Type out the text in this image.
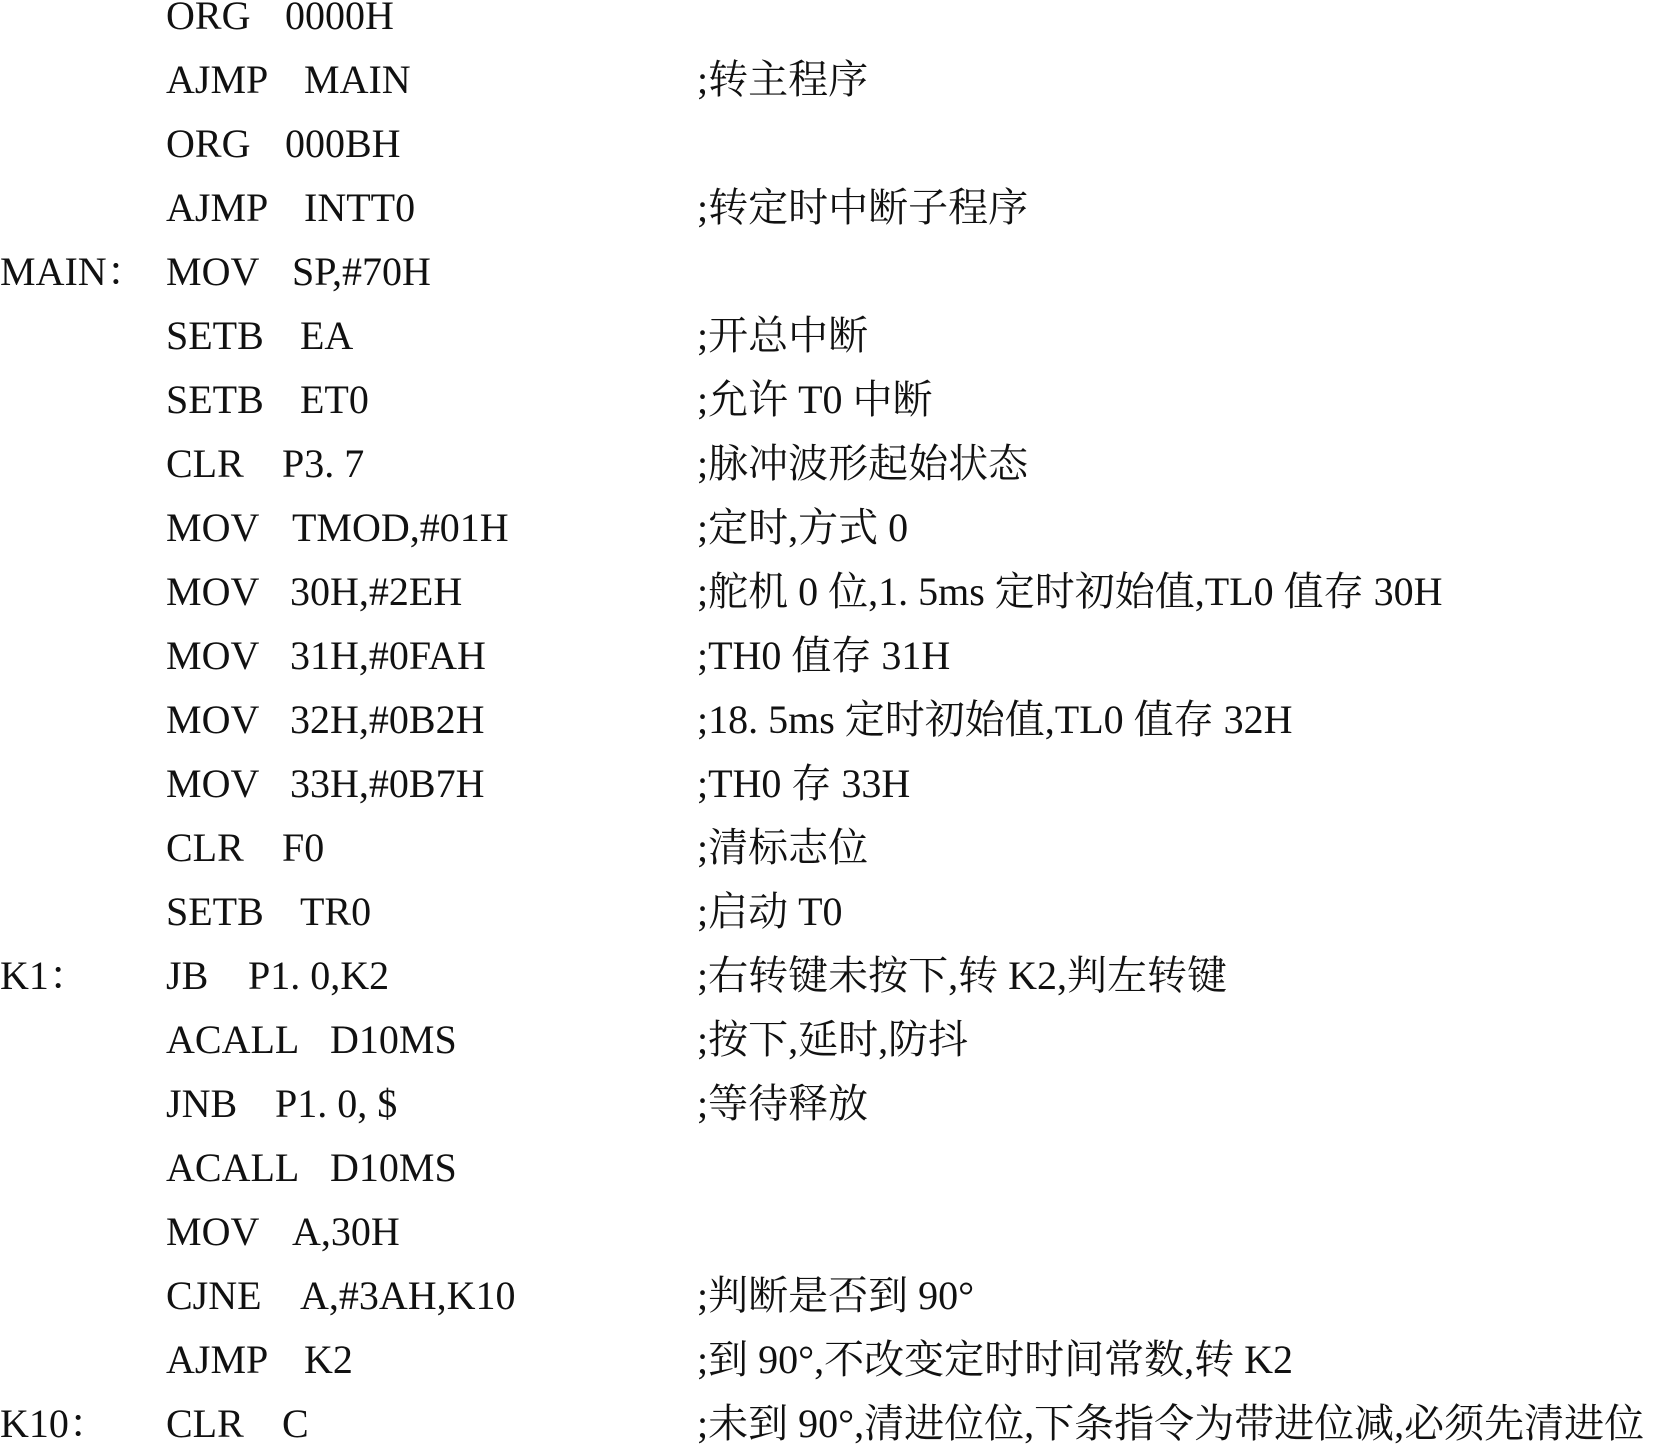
ORG 0000H
AJMP MAIN	;转主程序
ORG 000BH
AJMP INTT0	;转定时中断子程序
MAIN： MOV SP,#70H
SETB EA	;开总中断
SETB ET0	;允许 T0 中断
CLR P3. 7	;脉冲波形起始状态
MOV TMOD,#01H	;定时,方式 0
MOV 30H,#2EH	;舵机 0 位,1. 5ms 定时初始值,TL0 值存 30H
MOV 31H,#0FAH	;TH0 值存 31H
MOV 32H,#0B2H	;18. 5ms 定时初始值,TL0 值存 32H
MOV 33H,#0B7H	;TH0 存 33H
CLR F0	;清标志位
SETB TR0	;启动 T0
K1： JB P1. 0,K2	;右转键未按下,转 K2,判左转键
ACALL D10MS	;按下,延时,防抖
JNB P1. 0, $	;等待释放
ACALL D10MS
MOV A,30H
CJNE A,#3AH,K10	;判断是否到 90°
AJMP K2	;到 90°,不改变定时时间常数,转 K2
K10： CLR C	;未到 90°,清进位位,下条指令为带进位减,必须先清进位
